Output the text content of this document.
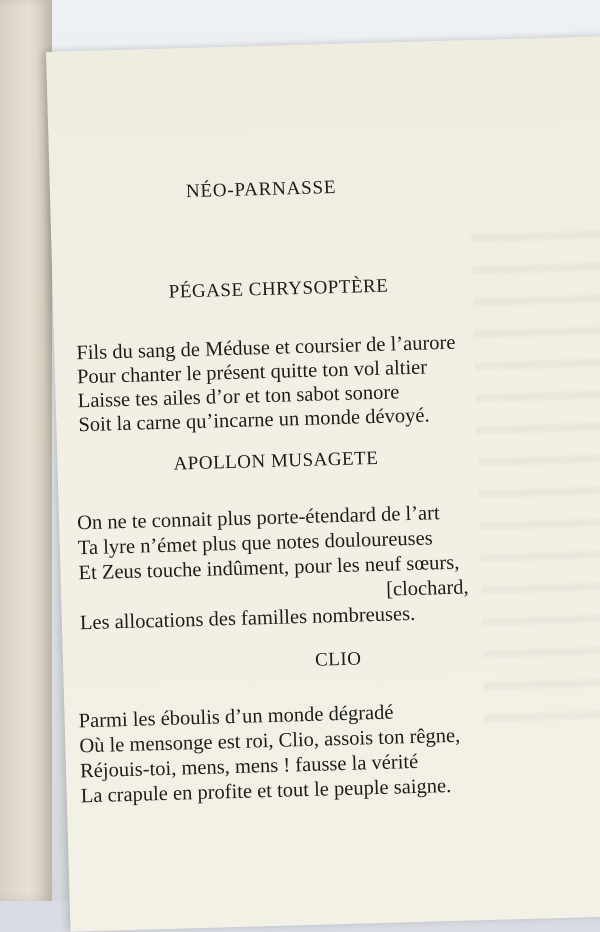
NÉO-PARNASSE
PÉGASE CHRYSOPTÈRE
Fils du sang de Méduse et coursier de l’aurore
Pour chanter le présent quitte ton vol altier
Laisse tes ailes d’or et ton sabot sonore
Soit la carne qu’incarne un monde dévoyé.
APOLLON MUSAGETE
On ne te connait plus porte-étendard de l’art
Ta lyre n’émet plus que notes douloureuses
Et Zeus touche indûment, pour les neuf sœurs,
[clochard,
Les allocations des familles nombreuses.
CLIO
Parmi les éboulis d’un monde dégradé
Où le mensonge est roi, Clio, assois ton rêgne,
Réjouis-toi, mens, mens ! fausse la vérité
La crapule en profite et tout le peuple saigne.
